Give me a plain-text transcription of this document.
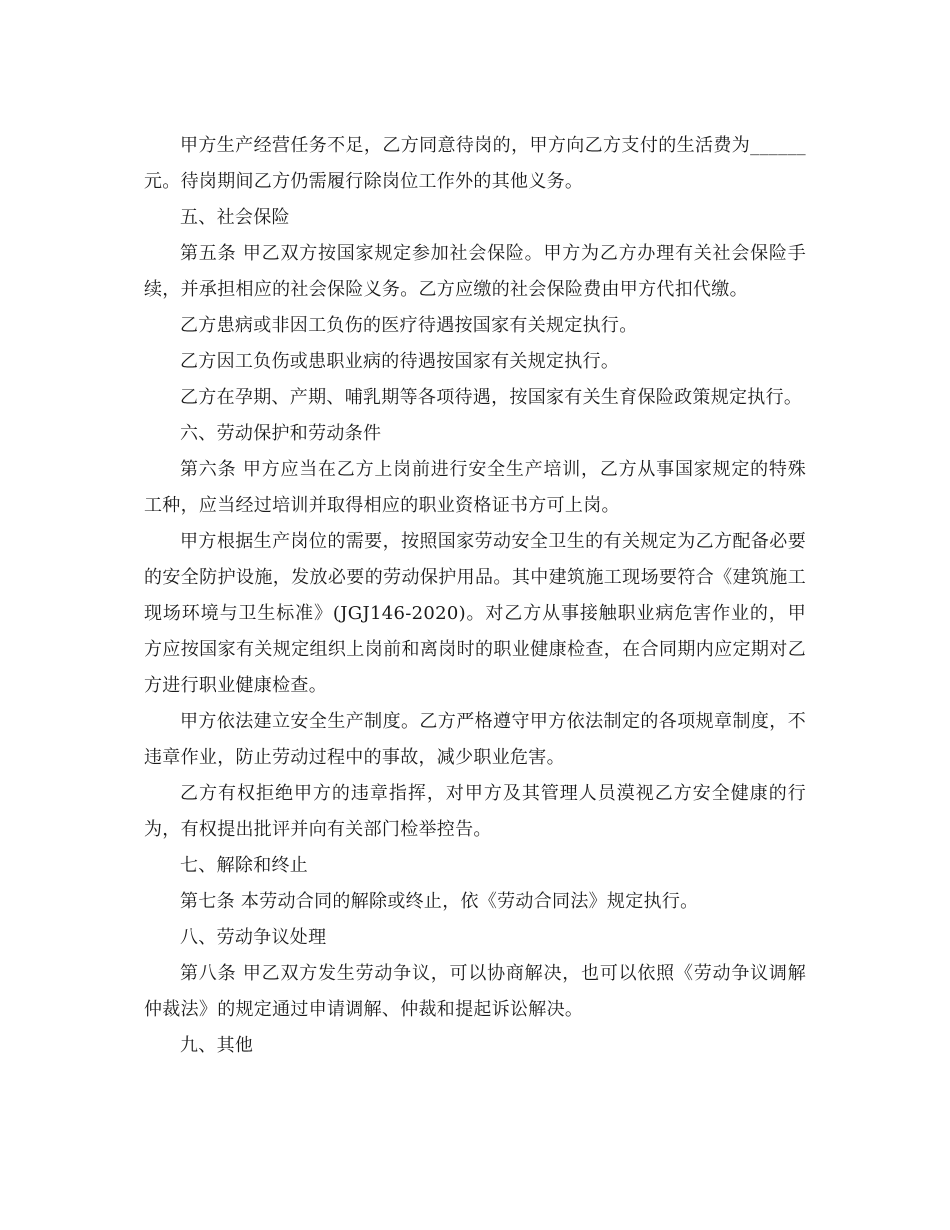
甲方生产经营任务不足，乙方同意待岗的，甲方向乙方支付的生活费为______元。待岗期间乙方仍需履行除岗位工作外的其他义务。

五、社会保险

第五条 甲乙双方按国家规定参加社会保险。甲方为乙方办理有关社会保险手续，并承担相应的社会保险义务。乙方应缴的社会保险费由甲方代扣代缴。

乙方患病或非因工负伤的医疗待遇按国家有关规定执行。

乙方因工负伤或患职业病的待遇按国家有关规定执行。

乙方在孕期、产期、哺乳期等各项待遇，按国家有关生育保险政策规定执行。

六、劳动保护和劳动条件

第六条 甲方应当在乙方上岗前进行安全生产培训，乙方从事国家规定的特殊工种，应当经过培训并取得相应的职业资格证书方可上岗。

甲方根据生产岗位的需要，按照国家劳动安全卫生的有关规定为乙方配备必要的安全防护设施，发放必要的劳动保护用品。其中建筑施工现场要符合《建筑施工现场环境与卫生标准》(JGJ146-2020)。对乙方从事接触职业病危害作业的，甲方应按国家有关规定组织上岗前和离岗时的职业健康检查，在合同期内应定期对乙方进行职业健康检查。

甲方依法建立安全生产制度。乙方严格遵守甲方依法制定的各项规章制度，不违章作业，防止劳动过程中的事故，减少职业危害。

乙方有权拒绝甲方的违章指挥，对甲方及其管理人员漠视乙方安全健康的行为，有权提出批评并向有关部门检举控告。

七、解除和终止

第七条 本劳动合同的解除或终止，依《劳动合同法》规定执行。

八、劳动争议处理

第八条 甲乙双方发生劳动争议，可以协商解决，也可以依照《劳动争议调解仲裁法》的规定通过申请调解、仲裁和提起诉讼解决。

九、其他
